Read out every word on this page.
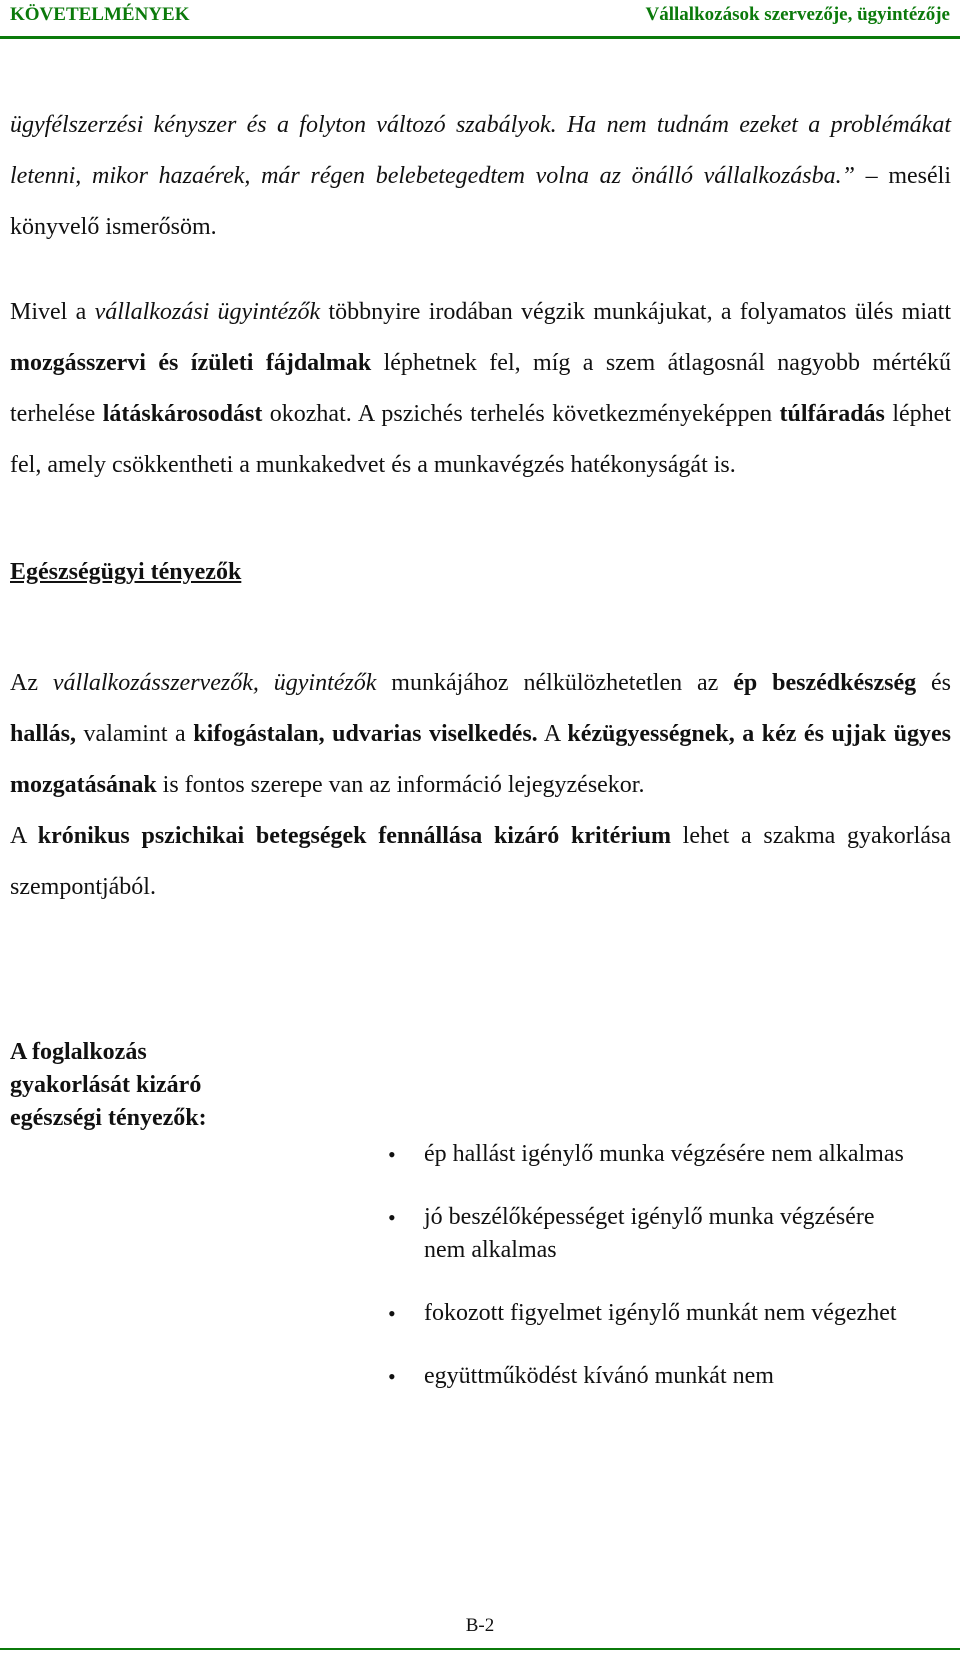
KÖVETELMÉNYEK	Vállalkozások szervezője, ügyintézője

ügyfélszerzési kényszer és a folyton változó szabályok. Ha nem tudnám ezeket a problémákat letenni, mikor hazaérek, már régen belebetegedtem volna az önálló vállalkozásba.” – meséli könyvelő ismerősöm.

Mivel a vállalkozási ügyintézők többnyire irodában végzik munkájukat, a folyamatos ülés miatt mozgásszervi és ízületi fájdalmak léphetnek fel, míg a szem átlagosnál nagyobb mértékű terhelése látáskárosodást okozhat. A pszichés terhelés következményeképpen túlfáradás léphet fel, amely csökkentheti a munkakedvet és a munkavégzés hatékonyságát is.

Egészségügyi tényezők

Az vállalkozásszervezők, ügyintézők munkájához nélkülözhetetlen az ép beszédkészség és hallás, valamint a kifogástalan, udvarias viselkedés. A kézügyességnek, a kéz és ujjak ügyes mozgatásának is fontos szerepe van az információ lejegyzésekor.

A krónikus pszichikai betegségek fennállása kizáró kritérium lehet a szakma gyakorlása szempontjából.

A foglalkozás gyakorlását kizáró egészségi tényezők:
• ép hallást igénylő munka végzésére nem alkalmas
• jó beszélőképességet igénylő munka végzésére nem alkalmas
• fokozott figyelmet igénylő munkát nem végezhet
• együttműködést kívánó munkát nem
B-2
